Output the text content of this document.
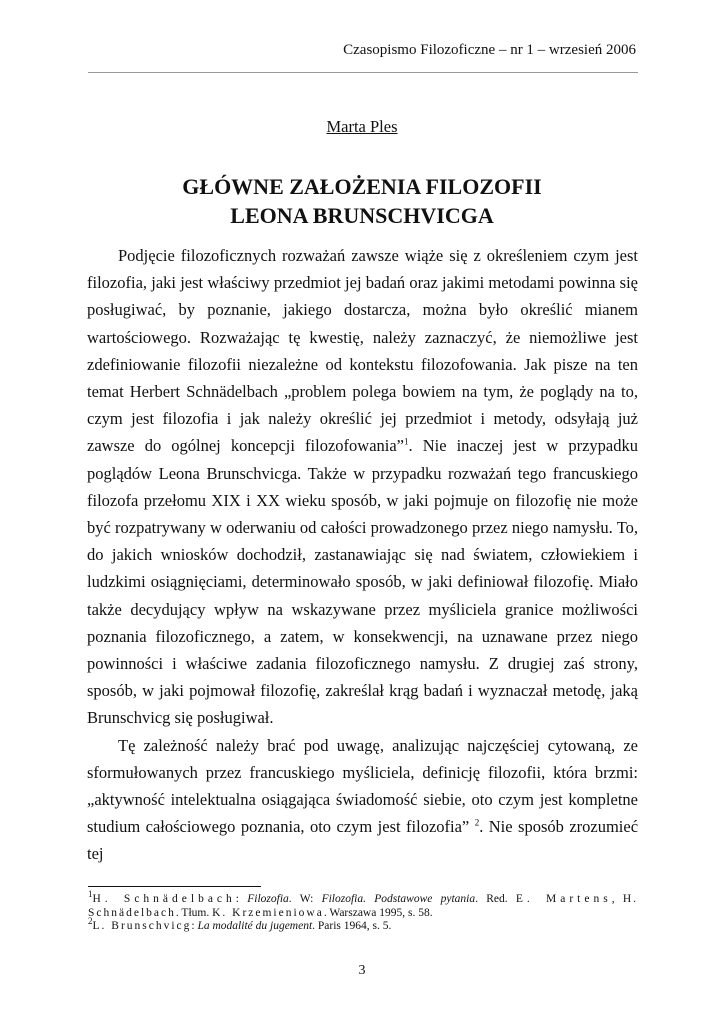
Czasopismo Filozoficzne – nr 1 – wrzesień 2006
Marta Ples
GŁÓWNE ZAŁOŻENIA FILOZOFII
LEONA BRUNSCHVICGA

Podjęcie filozoficznych rozważań zawsze wiąże się z określeniem czym jest filozofia, jaki jest właściwy przedmiot jej badań oraz jakimi metodami powinna się posługiwać, by poznanie, jakiego dostarcza, można było określić mianem wartościowego. Rozważając tę kwestię, należy zaznaczyć, że niemożliwe jest zdefiniowanie filozofii niezależne od kontekstu filozofowania. Jak pisze na ten temat Herbert Schnädelbach „problem polega bowiem na tym, że poglądy na to, czym jest filozofia i jak należy określić jej przedmiot i metody, odsyłają już zawsze do ogólnej koncepcji filozofowania”$^1$. Nie inaczej jest w przypadku poglądów Leona Brunschvicga. Także w przypadku rozważań tego francuskiego filozofa przełomu XIX i XX wieku sposób, w jaki pojmuje on filozofię nie może być rozpatrywany w oderwaniu od całości prowadzonego przez niego namysłu. To, do jakich wniosków dochodził, zastanawiając się nad światem, człowiekiem i ludzkimi osiągnięciami, determinowało sposób, w jaki definiował filozofię. Miało także decydujący wpływ na wskazywane przez myśliciela granice możliwości poznania filozoficznego, a zatem, w konsekwencji, na uznawane przez niego powinności i właściwe zadania filozoficznego namysłu. Z drugiej zaś strony, sposób, w jaki pojmował filozofię, zakreślał krąg badań i wyznaczał metodę, jaką Brunschvicg się posługiwał.

Tę zależność należy brać pod uwagę, analizując najczęściej cytowaną, ze sformułowanych przez francuskiego myśliciela, definicję filozofii, która brzmi: „aktywność intelektualna osiągająca świadomość siebie, oto czym jest kompletne studium całościowego poznania, oto czym jest filozofia” $^2$. Nie sposób zrozumieć tej

$^1$H. Schnädelbach: Filozofia. W: Filozofia. Podstawowe pytania. Red. E. Martens, H. Schnädelbach. Tłum. K. Krzemieniowa. Warszawa 1995, s. 58.
$^2$L. Brunschvicg: La modalité du jugement. Paris 1964, s. 5.
3
